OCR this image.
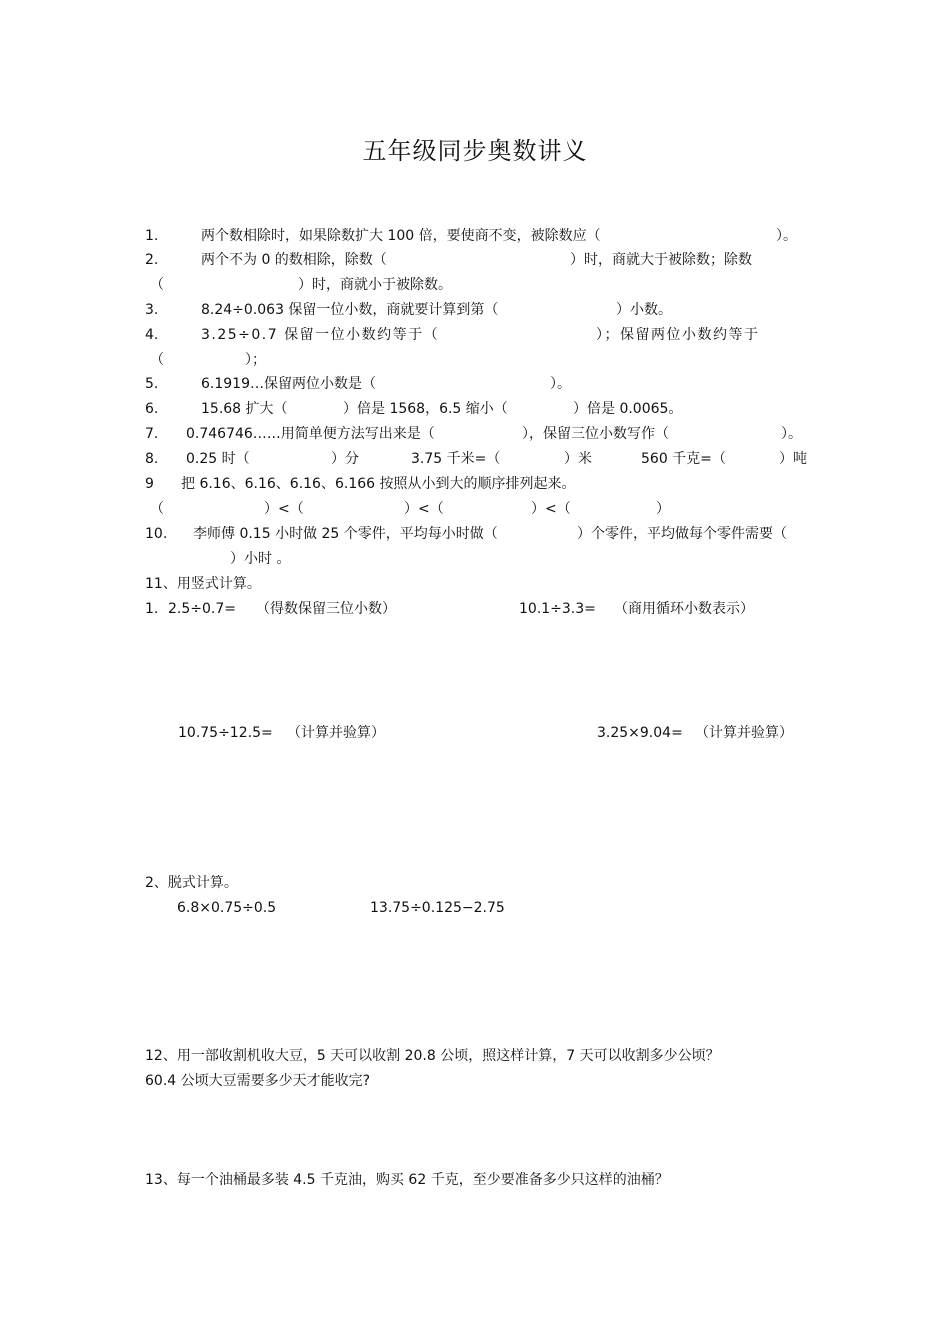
五年级同步奥数讲义
1.	两个数相除时，如果除数扩大 100 倍，要使商不变，被除数应（	）。
2.	两个不为 0 的数相除，除数（	）时，商就大于被除数；除数
（	）时，商就小于被除数。
3.	8.24÷0.063 保留一位小数，商就要计算到第（	）小数。
4.	3.25÷0.7 保留一位小数约等于（	）；保留两位小数约等于
（	）；
5.	6.1919…保留两位小数是（	）。
6.	15.68 扩大（	）倍是 1568，6.5 缩小（	）倍是 0.0065。
7. 0.746746……用简单便方法写出来是（	），保留三位小数写作（	）。
8. 0.25 时（	）分	3.75 千米=（	）米	560 千克=（	）吨
9 把 6.16、6.16、6.16、6.166 按照从小到大的顺序排列起来。
（	）<（	）<（	）<（	）
10. 李师傅 0.15 小时做 25 个零件，平均每小时做（	）个零件，平均做每个零件需要（
）小时 。
11、用竖式计算。
1. 2.5÷0.7= （得数保留三位小数）	10.1÷3.3= （商用循环小数表示）
10.75÷12.5= （计算并验算）	3.25×9.04= （计算并验算）
2、脱式计算。
6.8×0.75÷0.5	13.75÷0.125−2.75
12、用一部收割机收大豆，5 天可以收割 20.8 公顷，照这样计算，7 天可以收割多少公顷？
60.4 公顷大豆需要多少天才能收完?
13、每一个油桶最多装 4.5 千克油，购买 62 千克，至少要准备多少只这样的油桶？
